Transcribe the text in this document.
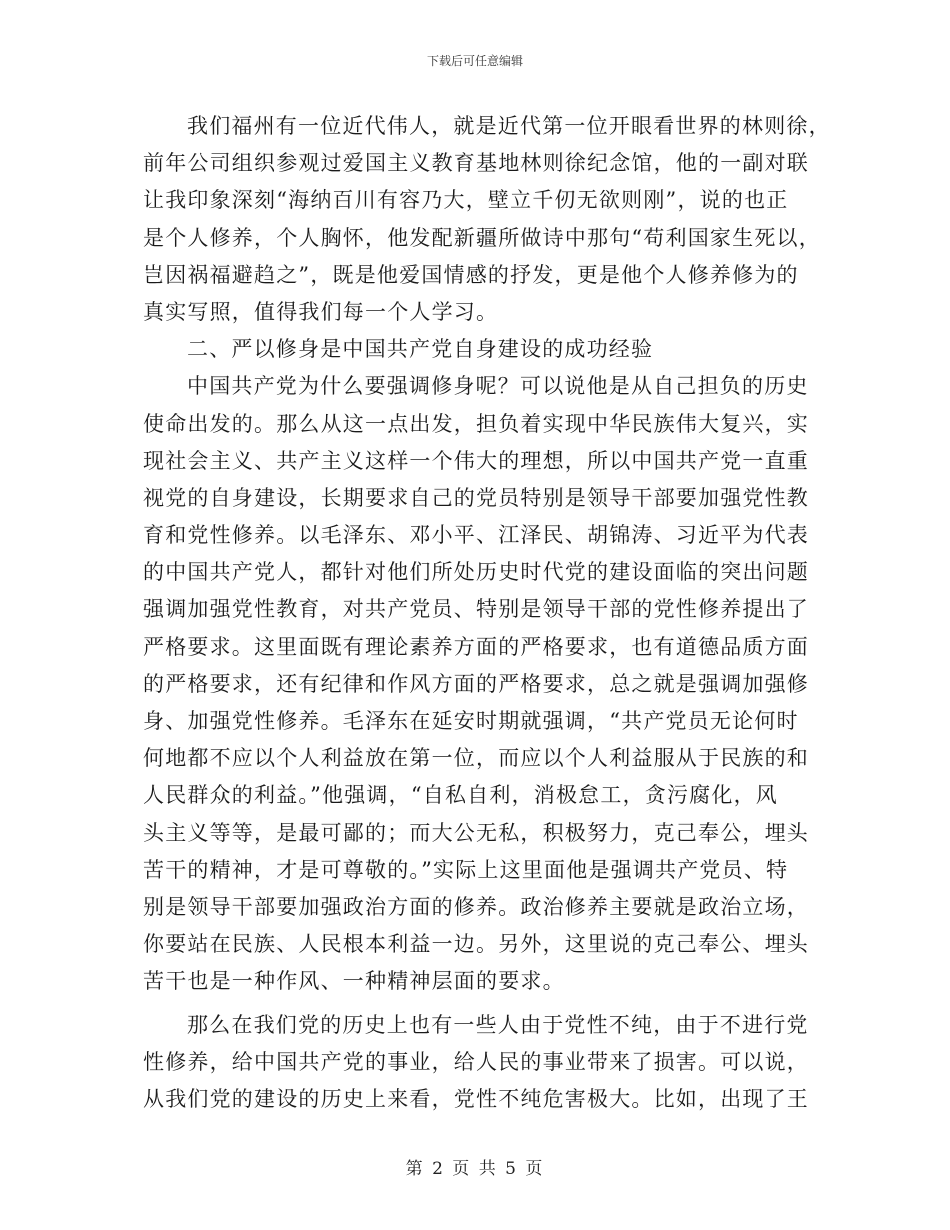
下载后可任意编辑
我们福州有一位近代伟人，就是近代第一位开眼看世界的林则徐，
前年公司组织参观过爱国主义教育基地林则徐纪念馆，他的一副对联
让我印象深刻“海纳百川有容乃大，壁立千仞无欲则刚”，说的也正
是个人修养，个人胸怀，他发配新疆所做诗中那句“苟利国家生死以，
岂因祸福避趋之”，既是他爱国情感的抒发，更是他个人修养修为的
真实写照，值得我们每一个人学习。
二、严以修身是中国共产党自身建设的成功经验
中国共产党为什么要强调修身呢？可以说他是从自己担负的历史
使命出发的。那么从这一点出发，担负着实现中华民族伟大复兴，实
现社会主义、共产主义这样一个伟大的理想，所以中国共产党一直重
视党的自身建设，长期要求自己的党员特别是领导干部要加强党性教
育和党性修养。以毛泽东、邓小平、江泽民、胡锦涛、习近平为代表
的中国共产党人，都针对他们所处历史时代党的建设面临的突出问题
强调加强党性教育，对共产党员、特别是领导干部的党性修养提出了
严格要求。这里面既有理论素养方面的严格要求，也有道德品质方面
的严格要求，还有纪律和作风方面的严格要求，总之就是强调加强修
身、加强党性修养。毛泽东在延安时期就强调，“共产党员无论何时
何地都不应以个人利益放在第一位，而应以个人利益服从于民族的和
人民群众的利益。”他强调，“自私自利，消极怠工，贪污腐化，风
头主义等等，是最可鄙的；而大公无私，积极努力，克己奉公，埋头
苦干的精神，才是可尊敬的。”实际上这里面他是强调共产党员、特
别是领导干部要加强政治方面的修养。政治修养主要就是政治立场，
你要站在民族、人民根本利益一边。另外，这里说的克己奉公、埋头
苦干也是一种作风、一种精神层面的要求。
那么在我们党的历史上也有一些人由于党性不纯，由于不进行党
性修养，给中国共产党的事业，给人民的事业带来了损害。可以说，
从我们党的建设的历史上来看，党性不纯危害极大。比如，出现了王
第 2 页 共 5 页
